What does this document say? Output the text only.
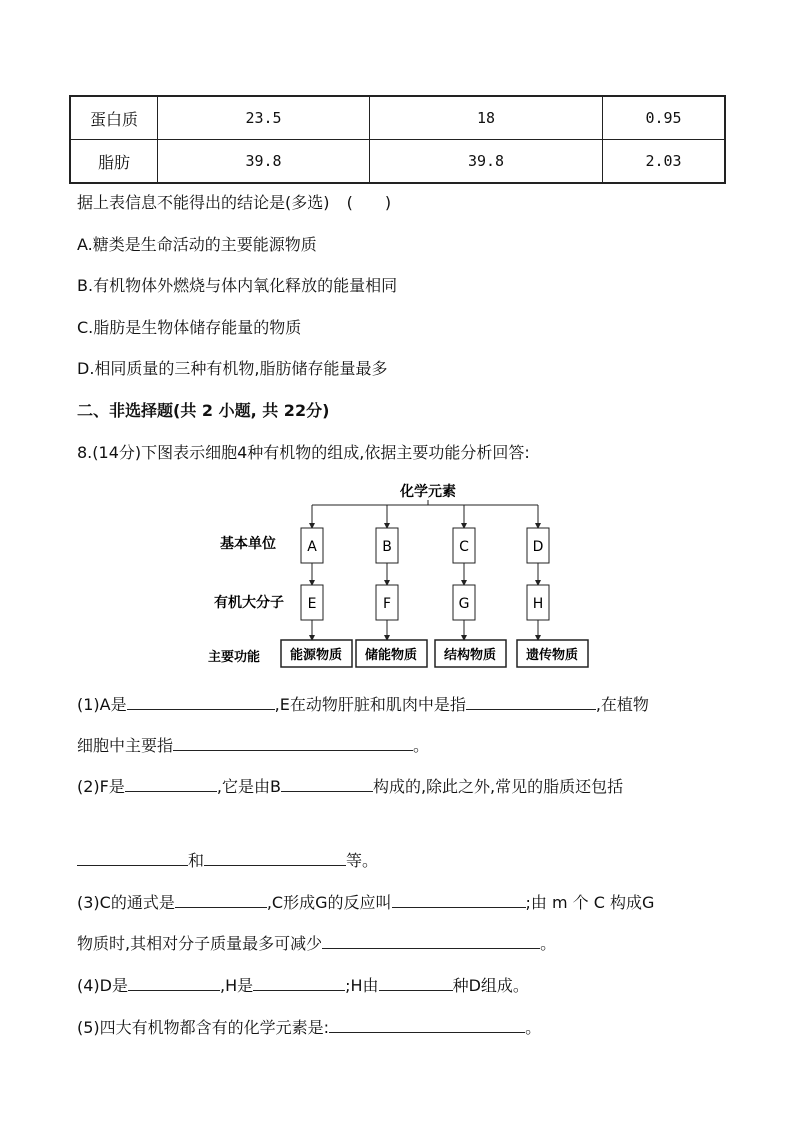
蛋白质	23.5	18	0.95
脂肪	39.8	39.8	2.03
据上表信息不能得出的结论是(多选) (　　)
A.糖类是生命活动的主要能源物质
B.有机物体外燃烧与体内氧化释放的能量相同
C.脂肪是生物体储存能量的物质
D.相同质量的三种有机物,脂肪储存能量最多
二、非选择题(共 2 小题, 共 22分)
8.(14分)下图表示细胞4种有机物的组成,依据主要功能分析回答:
化学元素
基本单位
有机大分子
主要功能
A	B	C	D
E	F	G	H
能源物质 储能物质 结构物质 遗传物质
(1)A是	,E在动物肝脏和肌肉中是指	,在植物
细胞中主要指	。
(2)F是	,它是由B	构成的,除此之外,常见的脂质还包括
和	等。
(3)C的通式是	,C形成G的反应叫	;由 m 个 C 构成G
物质时,其相对分子质量最多可减少	。
(4)D是	,H是	;H由	种D组成。
(5)四大有机物都含有的化学元素是:	。
